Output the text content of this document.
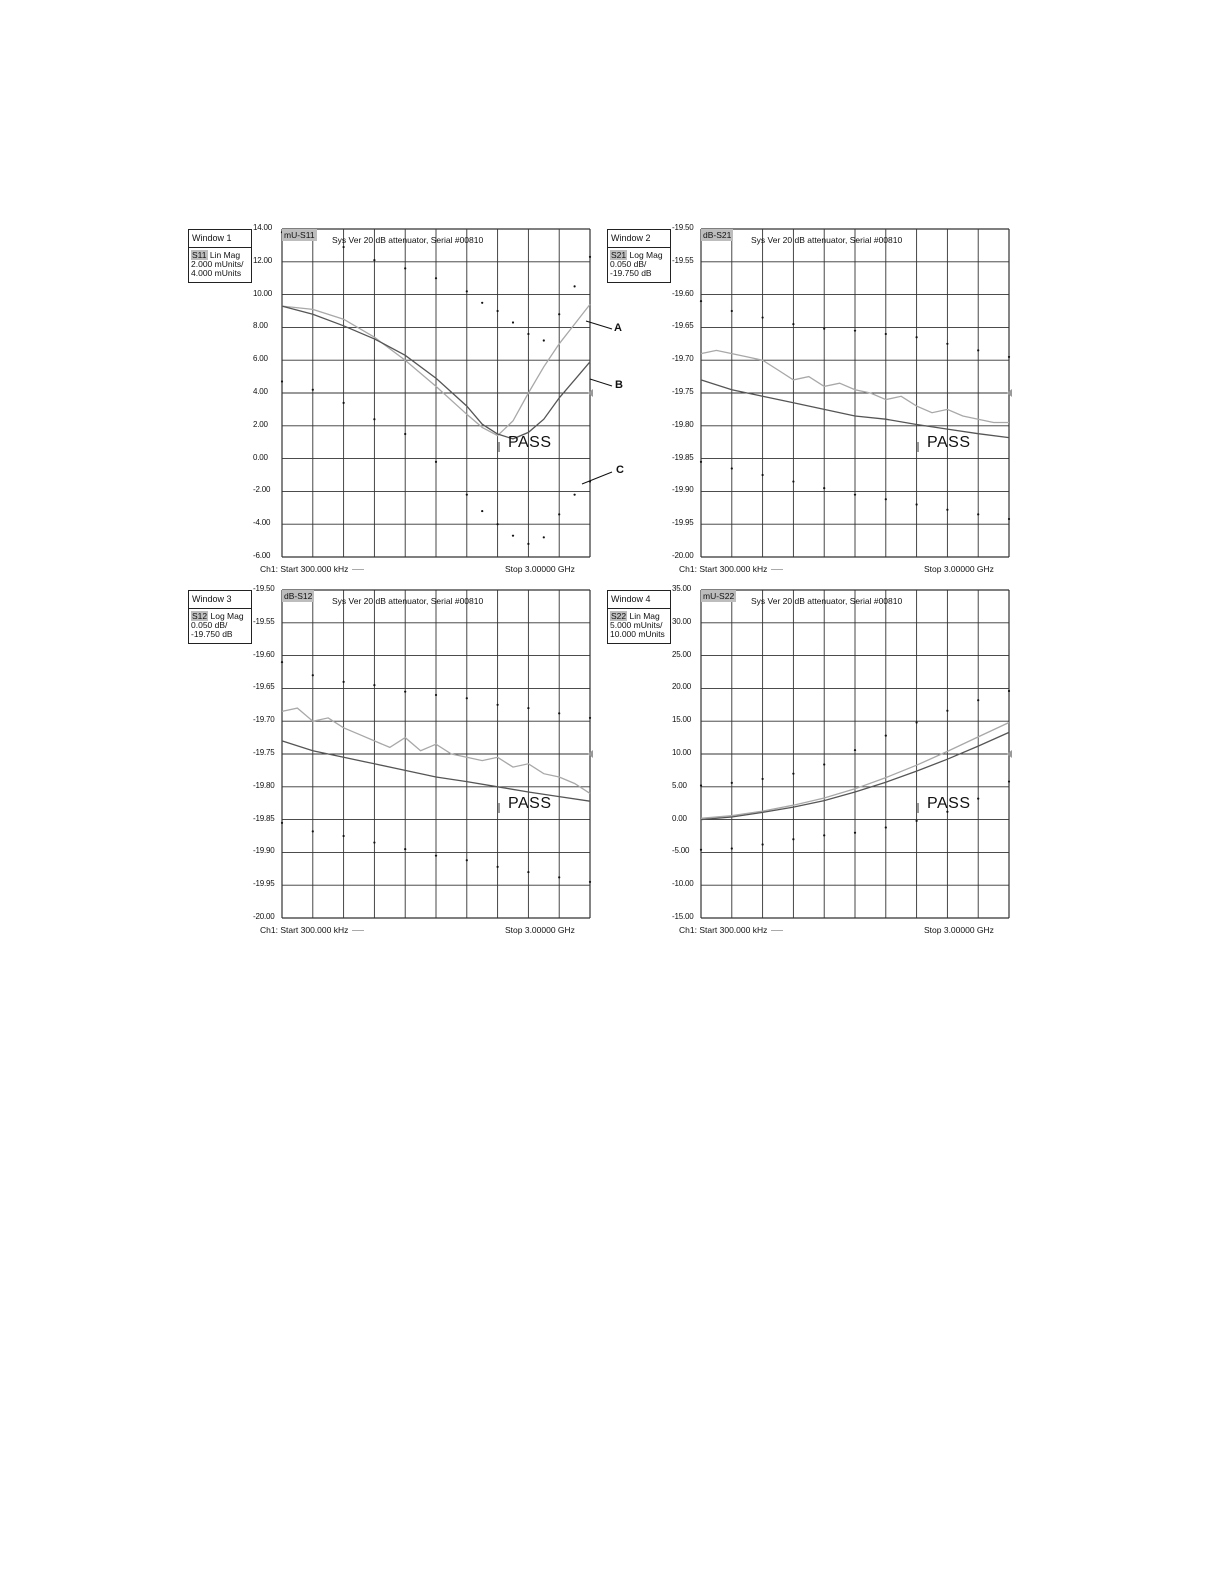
Window 1
S11 Lin Mag
2.000 mUnits/
4.000 mUnits
14.00
12.00
10.00
8.00
6.00
4.00
2.00
0.00
-2.00
-4.00
-6.00
mU-S11 Sys Ver 20 dB attenuator, Serial #00810
PASS
Ch1: Start 300.000 kHz	Stop 3.00000 GHz
A
B
C
Window 2
S21 Log Mag
0.050 dB/
-19.750 dB
-19.50
-19.55
-19.60
-19.65
-19.70
-19.75
-19.80
-19.85
-19.90
-19.95
-20.00
dB-S21 Sys Ver 20 dB attenuator, Serial #00810
PASS
Ch1: Start 300.000 kHz	Stop 3.00000 GHz
Window 3
S12 Log Mag
0.050 dB/
-19.750 dB
-19.50
-19.55
-19.60
-19.65
-19.70
-19.75
-19.80
-19.85
-19.90
-19.95
-20.00
dB-S12 Sys Ver 20 dB attenuator, Serial #00810
PASS
Ch1: Start 300.000 kHz	Stop 3.00000 GHz
Window 4
S22 Lin Mag
5.000 mUnits/
10.000 mUnits
35.00
30.00
25.00
20.00
15.00
10.00
5.00
0.00
-5.00
-10.00
-15.00
mU-S22 Sys Ver 20 dB attenuator, Serial #00810
PASS
Ch1: Start 300.000 kHz	Stop 3.00000 GHz
